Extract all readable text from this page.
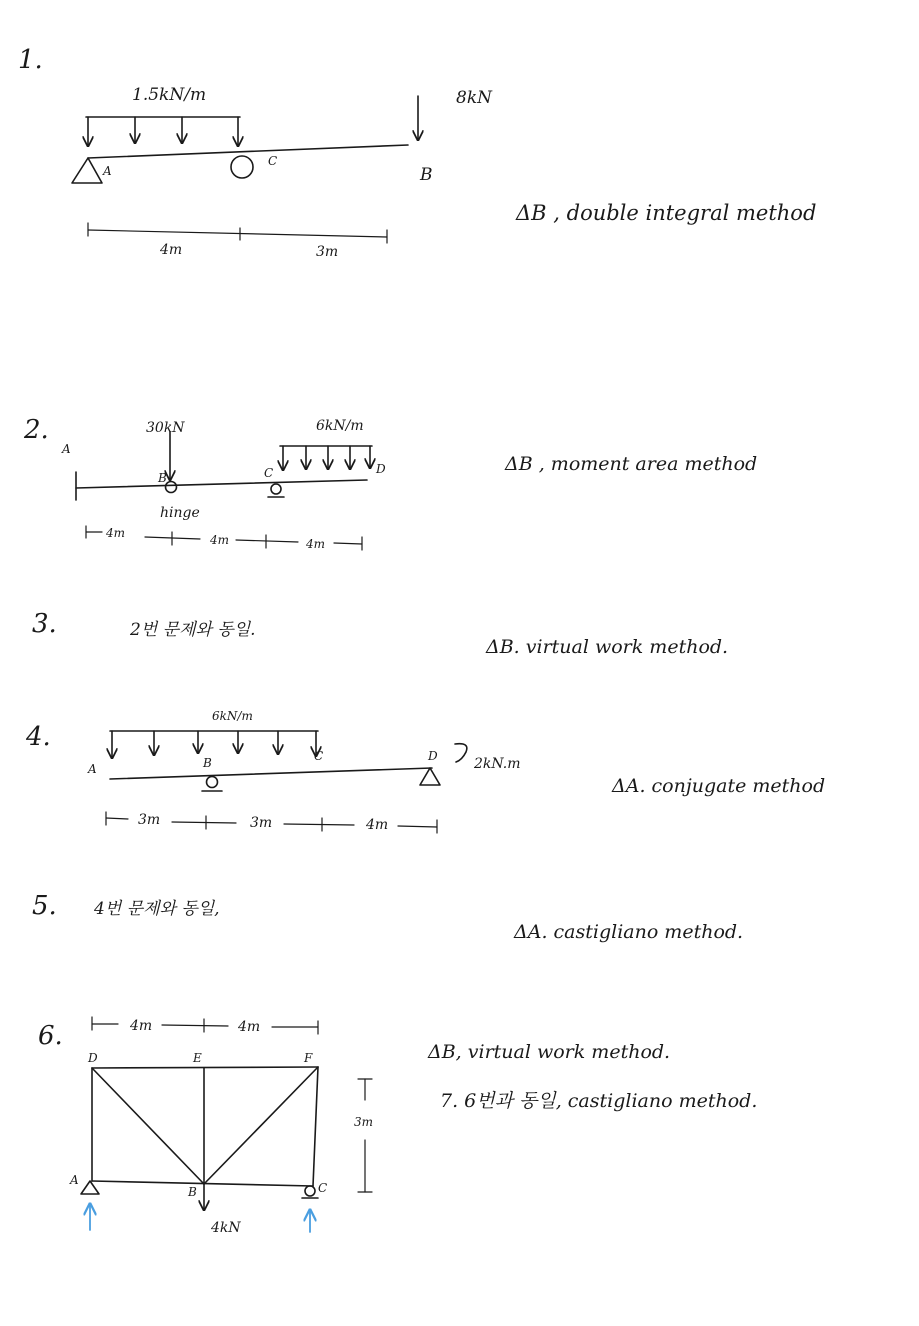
1.
1.5kN/m	8kN
A
C
B
4m	3m
ΔB , double integral method
2.
A
30kN	6kN/m
B
hinge
C	D
4m	4m	4m
ΔB , moment area method
3.	2번 문제와 동일.
ΔB. virtual work method.
4.
6kN/m
A	B	C	D	2kN.m
3m	3m	4m
ΔA. conjugate method
5. 4번 문제와 동일,
ΔA. castigliano method.
6.	4m	4m
D	E	F
A
B	C
4kN
3m
ΔB, virtual work method.
7. 6번과 동일, castigliano method.
